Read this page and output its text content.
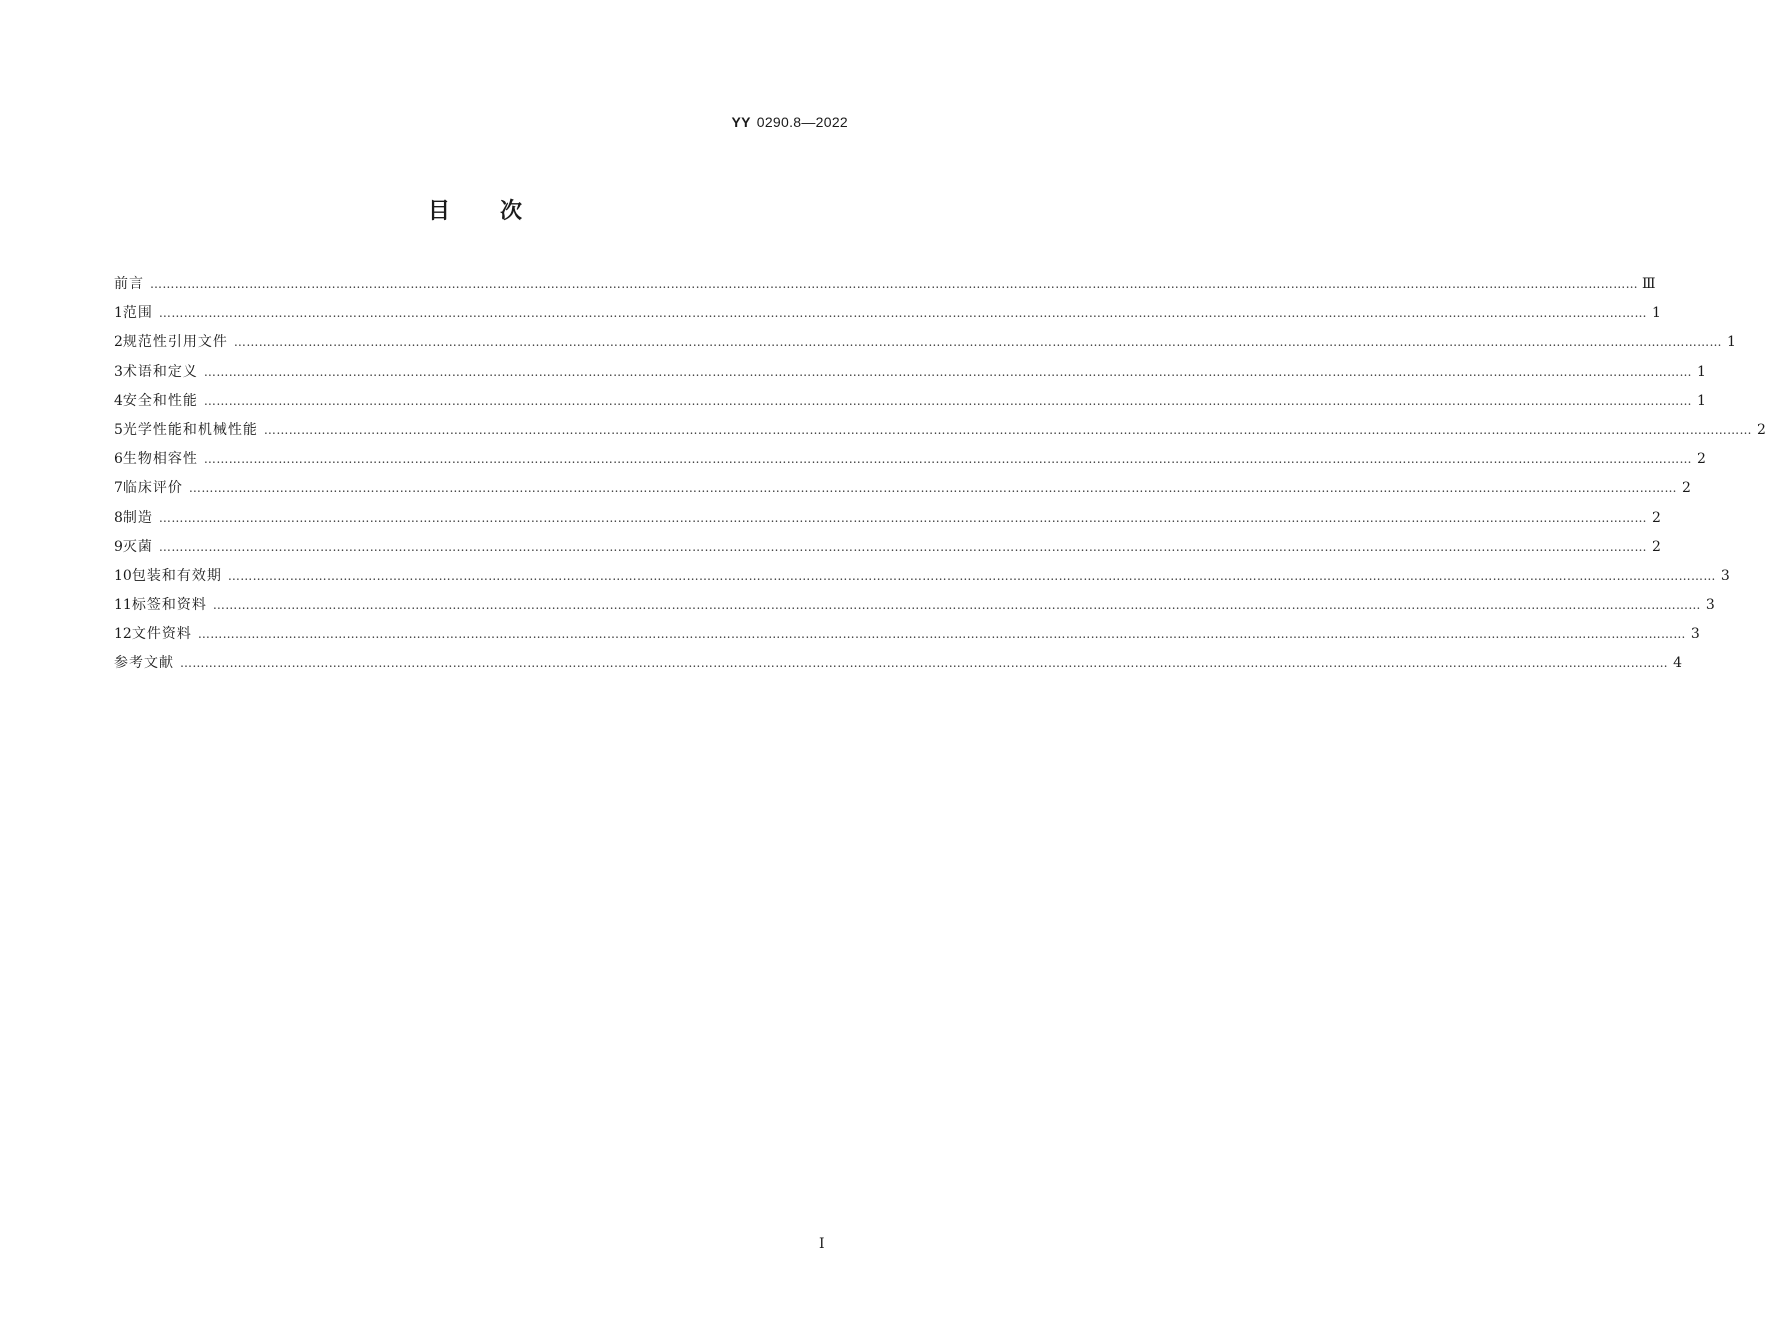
YY 0290.8—2022
目次
前言 ……………………………………………………………………………………………………………………………………………………………………………………………………………………………………………………………………………………………………………………………… Ⅲ
1 范围 ……………………………………………………………………………………………………………………………………………………………………………………………………………………………………………………………………………………………………………………………… 1
2 规范性引用文件 ……………………………………………………………………………………………………………………………………………………………………………………………………………………………………………………………………………………………………………………………… 1
3 术语和定义 ……………………………………………………………………………………………………………………………………………………………………………………………………………………………………………………………………………………………………………………………… 1
4 安全和性能 ……………………………………………………………………………………………………………………………………………………………………………………………………………………………………………………………………………………………………………………………… 1
5 光学性能和机械性能 ……………………………………………………………………………………………………………………………………………………………………………………………………………………………………………………………………………………………………………………………… 2
6 生物相容性 ……………………………………………………………………………………………………………………………………………………………………………………………………………………………………………………………………………………………………………………………… 2
7 临床评价 ……………………………………………………………………………………………………………………………………………………………………………………………………………………………………………………………………………………………………………………………… 2
8 制造 ……………………………………………………………………………………………………………………………………………………………………………………………………………………………………………………………………………………………………………………………… 2
9 灭菌 ……………………………………………………………………………………………………………………………………………………………………………………………………………………………………………………………………………………………………………………………… 2
10 包装和有效期 ……………………………………………………………………………………………………………………………………………………………………………………………………………………………………………………………………………………………………………………………… 3
11 标签和资料 ……………………………………………………………………………………………………………………………………………………………………………………………………………………………………………………………………………………………………………………………… 3
12 文件资料 ……………………………………………………………………………………………………………………………………………………………………………………………………………………………………………………………………………………………………………………………… 3
参考文献 ……………………………………………………………………………………………………………………………………………………………………………………………………………………………………………………………………………………………………………………………… 4
Ⅰ
